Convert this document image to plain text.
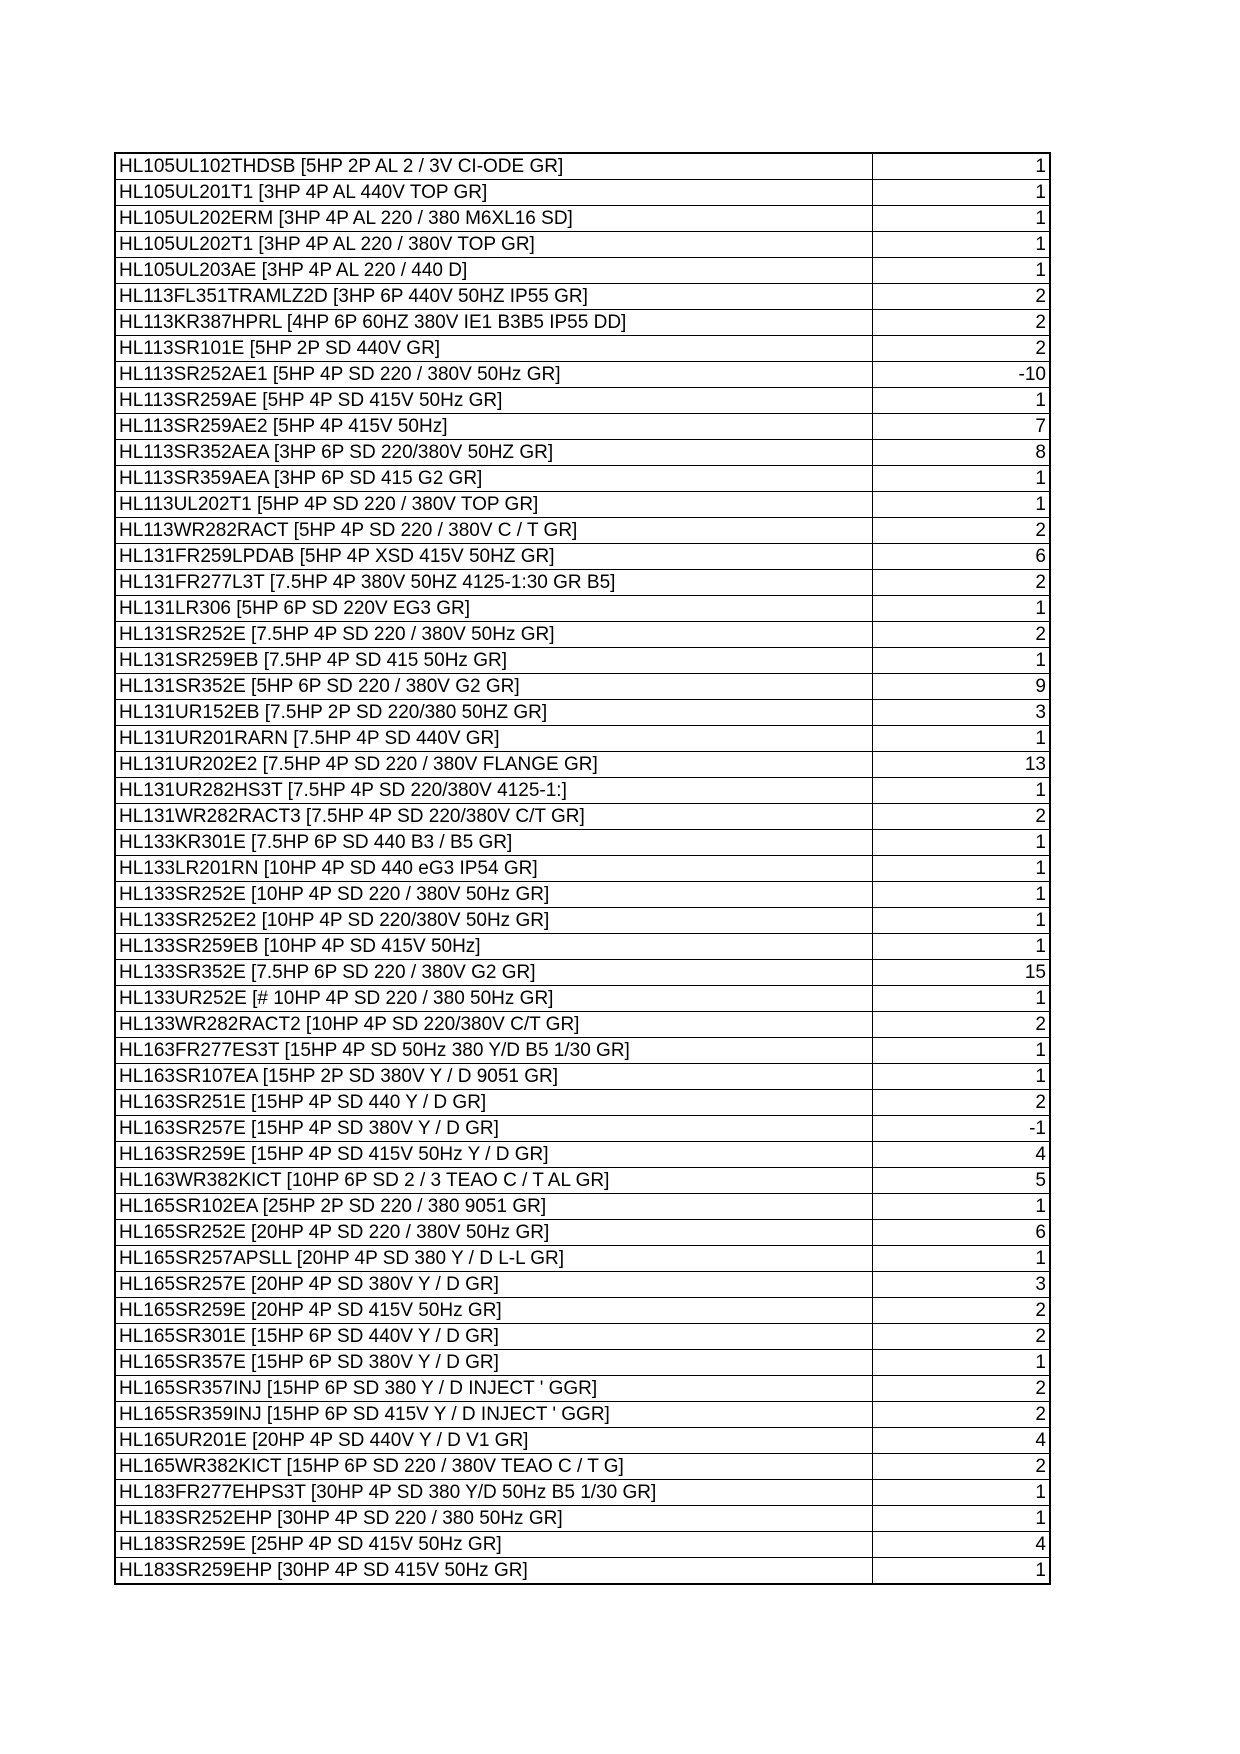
HL105UL102THDSB [5HP 2P AL 2 / 3V CI-ODE GR]	1
HL105UL201T1 [3HP 4P AL 440V TOP GR]	1
HL105UL202ERM [3HP 4P AL 220 / 380 M6XL16 SD]	1
HL105UL202T1 [3HP 4P AL 220 / 380V TOP GR]	1
HL105UL203AE [3HP 4P AL 220 / 440 D]	1
HL113FL351TRAMLZ2D [3HP 6P 440V 50HZ IP55 GR]	2
HL113KR387HPRL [4HP 6P 60HZ 380V IE1 B3B5 IP55 DD]	2
HL113SR101E [5HP 2P SD 440V GR]	2
HL113SR252AE1 [5HP 4P SD 220 / 380V 50Hz GR]	-10
HL113SR259AE [5HP 4P SD 415V 50Hz GR]	1
HL113SR259AE2 [5HP 4P 415V 50Hz]	7
HL113SR352AEA [3HP 6P SD 220/380V 50HZ GR]	8
HL113SR359AEA [3HP 6P SD 415 G2 GR]	1
HL113UL202T1 [5HP 4P SD 220 / 380V TOP GR]	1
HL113WR282RACT [5HP 4P SD 220 / 380V C / T GR]	2
HL131FR259LPDAB [5HP 4P XSD 415V 50HZ GR]	6
HL131FR277L3T [7.5HP 4P 380V 50HZ 4125-1:30 GR B5]	2
HL131LR306 [5HP 6P SD 220V EG3 GR]	1
HL131SR252E [7.5HP 4P SD 220 / 380V 50Hz GR]	2
HL131SR259EB [7.5HP 4P SD 415 50Hz GR]	1
HL131SR352E [5HP 6P SD 220 / 380V G2 GR]	9
HL131UR152EB [7.5HP 2P SD 220/380 50HZ GR]	3
HL131UR201RARN [7.5HP 4P SD 440V GR]	1
HL131UR202E2 [7.5HP 4P SD 220 / 380V FLANGE GR]	13
HL131UR282HS3T [7.5HP 4P SD 220/380V 4125-1:]	1
HL131WR282RACT3 [7.5HP 4P SD 220/380V C/T GR]	2
HL133KR301E [7.5HP 6P SD 440 B3 / B5 GR]	1
HL133LR201RN [10HP 4P SD 440 eG3 IP54 GR]	1
HL133SR252E [10HP 4P SD 220 / 380V 50Hz GR]	1
HL133SR252E2 [10HP 4P SD 220/380V 50Hz GR]	1
HL133SR259EB [10HP 4P SD 415V 50Hz]	1
HL133SR352E [7.5HP 6P SD 220 / 380V G2 GR]	15
HL133UR252E [# 10HP 4P SD 220 / 380 50Hz GR]	1
HL133WR282RACT2 [10HP 4P SD 220/380V C/T GR]	2
HL163FR277ES3T [15HP 4P SD 50Hz 380 Y/D B5 1/30 GR]	1
HL163SR107EA [15HP 2P SD 380V Y / D 9051 GR]	1
HL163SR251E [15HP 4P SD 440 Y / D GR]	2
HL163SR257E [15HP 4P SD 380V Y / D GR]	-1
HL163SR259E [15HP 4P SD 415V 50Hz Y / D GR]	4
HL163WR382KICT [10HP 6P SD 2 / 3 TEAO C / T AL GR]	5
HL165SR102EA [25HP 2P SD 220 / 380 9051 GR]	1
HL165SR252E [20HP 4P SD 220 / 380V 50Hz GR]	6
HL165SR257APSLL [20HP 4P SD 380 Y / D L-L GR]	1
HL165SR257E [20HP 4P SD 380V Y / D GR]	3
HL165SR259E [20HP 4P SD 415V 50Hz GR]	2
HL165SR301E [15HP 6P SD 440V Y / D GR]	2
HL165SR357E [15HP 6P SD 380V Y / D GR]	1
HL165SR357INJ [15HP 6P SD 380 Y / D INJECT ' GGR]	2
HL165SR359INJ [15HP 6P SD 415V Y / D INJECT ' GGR]	2
HL165UR201E [20HP 4P SD 440V Y / D V1 GR]	4
HL165WR382KICT [15HP 6P SD 220 / 380V TEAO C / T G]	2
HL183FR277EHPS3T [30HP 4P SD 380 Y/D 50Hz B5 1/30 GR]	1
HL183SR252EHP [30HP 4P SD 220 / 380 50Hz GR]	1
HL183SR259E [25HP 4P SD 415V 50Hz GR]	4
HL183SR259EHP [30HP 4P SD 415V 50Hz GR]	1
